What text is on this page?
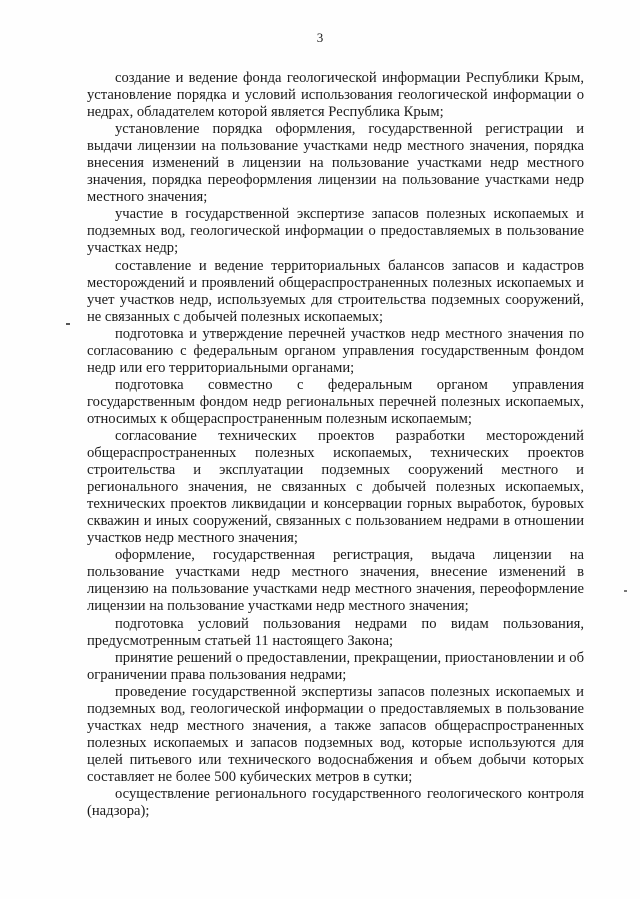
3

создание и ведение фонда геологической информации Республики Крым, установление порядка и условий использования геологической информации о недрах, обладателем которой является Республика Крым;

установление порядка оформления, государственной регистрации и выдачи лицензии на пользование участками недр местного значения, порядка внесения изменений в лицензии на пользование участками недр местного значения, порядка переоформления лицензии на пользование участками недр местного значения;

участие в государственной экспертизе запасов полезных ископаемых и подземных вод, геологической информации о предоставляемых в пользование участках недр;

составление и ведение территориальных балансов запасов и кадастров месторождений и проявлений общераспространенных полезных ископаемых и учет участков недр, используемых для строительства подземных сооружений, не связанных с добычей полезных ископаемых;

подготовка и утверждение перечней участков недр местного значения по согласованию с федеральным органом управления государственным фондом недр или его территориальными органами;

подготовка совместно с федеральным органом управления государственным фондом недр региональных перечней полезных ископаемых, относимых к общераспространенным полезным ископаемым;

согласование технических проектов разработки месторождений общераспространенных полезных ископаемых, технических проектов строительства и эксплуатации подземных сооружений местного и регионального значения, не связанных с добычей полезных ископаемых, технических проектов ликвидации и консервации горных выработок, буровых скважин и иных сооружений, связанных с пользованием недрами в отношении участков недр местного значения;

оформление, государственная регистрация, выдача лицензии на пользование участками недр местного значения, внесение изменений в лицензию на пользование участками недр местного значения, переоформление лицензии на пользование участками недр местного значения;

подготовка условий пользования недрами по видам пользования, предусмотренным статьей 11 настоящего Закона;

принятие решений о предоставлении, прекращении, приостановлении и об ограничении права пользования недрами;

проведение государственной экспертизы запасов полезных ископаемых и подземных вод, геологической информации о предоставляемых в пользование участках недр местного значения, а также запасов общераспространенных полезных ископаемых и запасов подземных вод, которые используются для целей питьевого или технического водоснабжения и объем добычи которых составляет не более 500 кубических метров в сутки;

осуществление регионального государственного геологического контроля (надзора);
